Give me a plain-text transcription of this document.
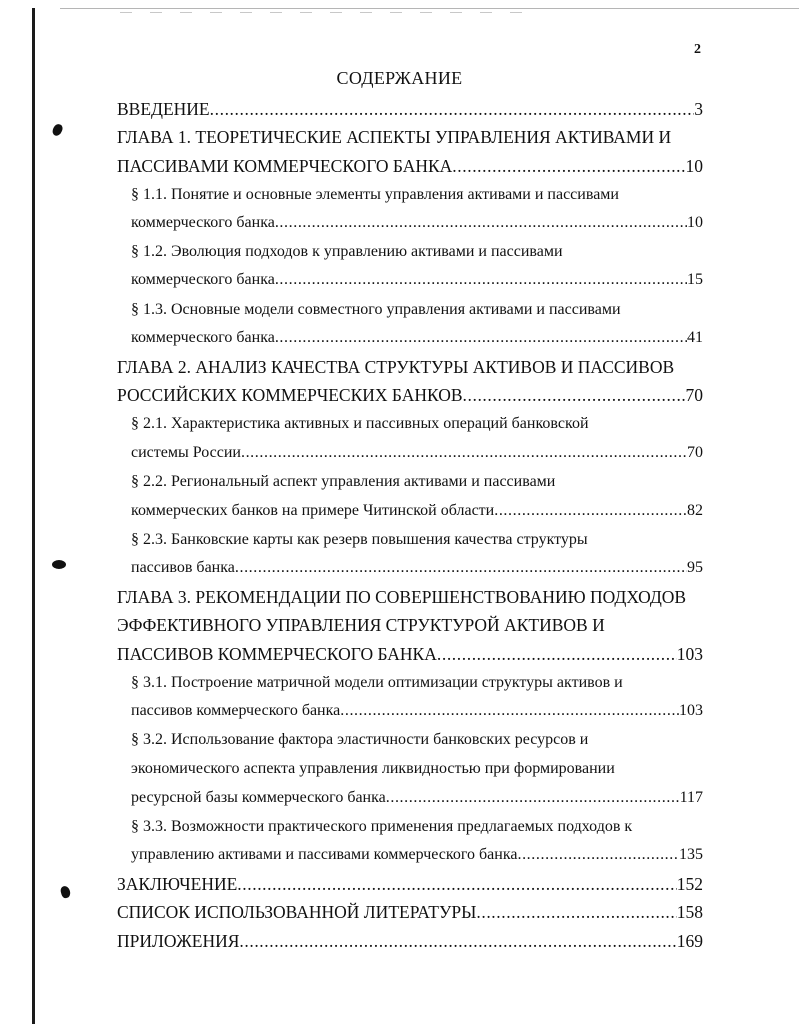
2
СОДЕРЖАНИЕ
ВВЕДЕНИЕ .....	3
ГЛАВА 1. ТЕОРЕТИЧЕСКИЕ АСПЕКТЫ УПРАВЛЕНИЯ АКТИВАМИ И
ПАССИВАМИ КОММЕРЧЕСКОГО БАНКА .....	10
§ 1.1. Понятие и основные элементы управления активами и пассивами
коммерческого банка .....	10
§ 1.2. Эволюция подходов к управлению активами и пассивами
коммерческого банка .....	15
§ 1.3. Основные модели совместного управления активами и пассивами
коммерческого банка .....	41
ГЛАВА 2. АНАЛИЗ КАЧЕСТВА СТРУКТУРЫ АКТИВОВ И ПАССИВОВ
РОССИЙСКИХ КОММЕРЧЕСКИХ БАНКОВ .....	70
§ 2.1. Характеристика активных и пассивных операций банковской
системы России .....	70
§ 2.2. Региональный аспект управления активами и пассивами
коммерческих банков на примере Читинской области .....	82
§ 2.3. Банковские карты как резерв повышения качества структуры
пассивов банка .....	95
ГЛАВА 3. РЕКОМЕНДАЦИИ ПО СОВЕРШЕНСТВОВАНИЮ ПОДХОДОВ
ЭФФЕКТИВНОГО УПРАВЛЕНИЯ СТРУКТУРОЙ АКТИВОВ И
ПАССИВОВ КОММЕРЧЕСКОГО БАНКА .....	103
§ 3.1. Построение матричной модели оптимизации структуры активов и
пассивов коммерческого банка .....	103
§ 3.2. Использование фактора эластичности банковских ресурсов и
экономического аспекта управления ликвидностью при формировании
ресурсной базы коммерческого банка .....	117
§ 3.3. Возможности практического применения предлагаемых подходов к
управлению активами и пассивами коммерческого банка .....	135
ЗАКЛЮЧЕНИЕ .....	152
СПИСОК ИСПОЛЬЗОВАННОЙ ЛИТЕРАТУРЫ .....	158
ПРИЛОЖЕНИЯ .....	169
